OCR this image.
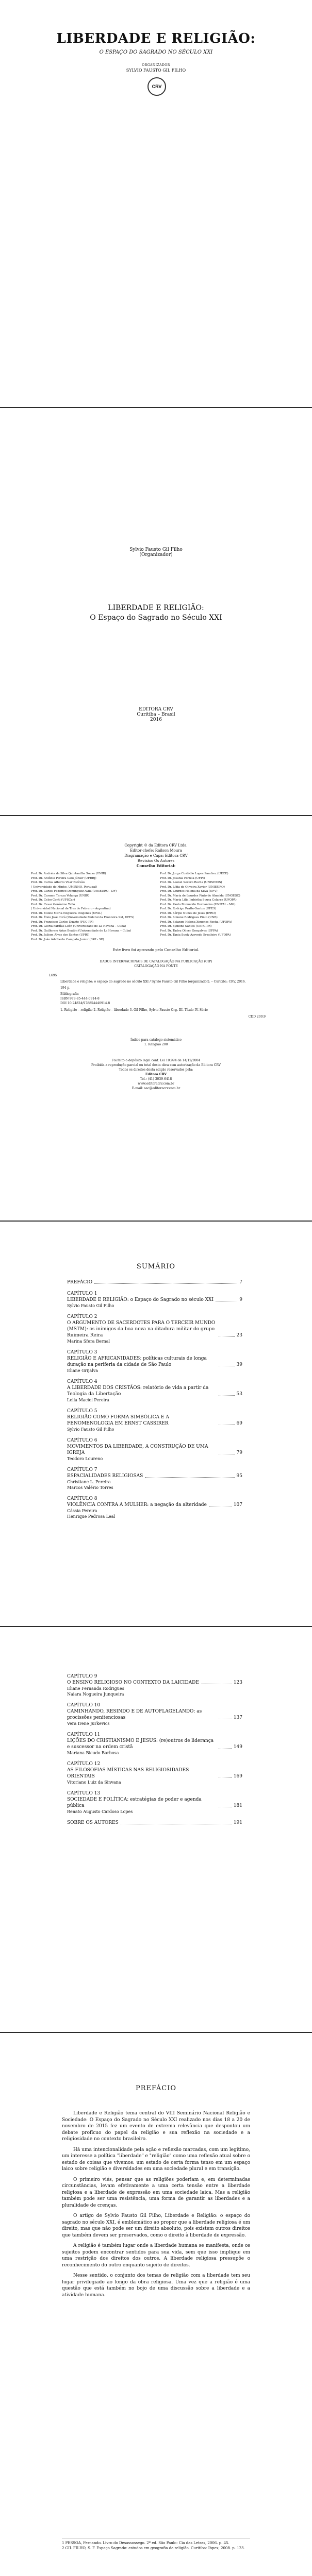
LIBERDADE E RELIGIÃO:
O ESPAÇO DO SAGRADO NO SÉCULO XXI
ORGANIZADOR
SYLVIO FAUSTO GIL FILHO
CRV
Sylvio Fausto Gil Filho
(Organizador)
LIBERDADE E RELIGIÃO:
O Espaço do Sagrado no Século XXI
EDITORA CRV
Curitiba – Brasil
2016
Copyright © da Editora CRV Ltda.
Editor-chefe: Railson Moura
Diagramação e Capa: Editora CRV
Revisão: Os Autores
Conselho Editorial:
Prof. Dr. Andréia da Silva Quintanilha Sousa (UNIR)
Prof. Dr. Antônio Pereira Gaio Júnior (UFRRJ)
Prof. Dr. Carlos Alberto Vilar Estêvão
( Universidade do Minho, UMINHO, Portugal)
Prof. Dr. Carlos Federico Dominguez Avila (UNIEURO - DF)
Prof. Dr. Carmen Tereza Velanga (UNIR)
Prof. Dr. Celso Conti (UFSCar)
Prof. Dr. Cesar Gerónimo Tello
( Universidad Nacional de Tres de Febrero - Argentina)
Prof. Dr. Elione Maria Nogueira Diogenes (UFAL)
Prof. Dr. Élsio José Corá (Universidade Federal da Fronteira Sul, UFFS)
Prof. Dr. Francisco Carlos Duarte (PUC-PR)
Prof. Dr. Gloria Fariñas León (Universidade de La Havana – Cuba)
Prof. Dr. Guillermo Arias Beatón (Universidade de La Havana – Cuba)
Prof. Dr. Jailson Alves dos Santos (UFRJ)
Prof. Dr. João Adalberto Campato Junior (FAP - SP)
Prof. Dr. Jorge Custódio Lopes Sanchez (UECE)
Prof. Dr. Josania Portela (UFPI)
Prof. Dr. Leonel Severo Rocha (UNISINOS)
Prof. Dr. Lídia de Oliveira Xavier (UNIEURO)
Prof. Dr. Lourdes Helena da Silva (UFV)
Prof. Dr. Maria de Lourdes Pinto de Almeida (UNOESC)
Prof. Dr. Maria Lília Imbiriba Sousa Colares (UFOPA)
Prof. Dr. Paulo Romualdo Hernandes (UNIFAL - MG)
Prof. Dr. Rodrigo Pratte-Santos (UFES)
Prof. Dr. Sérgio Nunes de Jesus (IFRO)
Prof. Dr. Simone Rodrigues Pinto (UNB)
Prof. Dr. Solange Helena Ximenes-Rocha (UFOPA)
Prof. Dr. Sydione Santos (UEPG PR)
Prof. Dr. Tadeu Oliver Gonçalves (UFPA)
Prof. Dr. Tania Suely Azevedo Brasileiro (UFOPA)
Este livro foi aprovado pelo Conselho Editorial.
DADOS INTERNACIONAIS DE CATALOGAÇÃO NA PUBLICAÇÃO (CIP)
CATALOGAÇÃO NA FONTE
L695
Liberdade e religião: o espaço do sagrado no século XXI / Sylvio Fausto Gil Filho (organizador). – Curitiba: CRV, 2016.
194 p.
Bibliografia
ISBN 978-85-444-0914-8
DOI 10.24824/978854440914.8
1. Religião – religião 2. Religião – liberdade 3. Gil Filho, Sylvio Fausto Org. III. Título IV. Série
CDD 200.9
Índice para catálogo sistemático
1. Religião 200
Foi feito o depósito legal conf. Lei 10.994 de 14/12/2004
Proibida a reprodução parcial ou total desta obra sem autorização da Editora CRV
Todos os direitos desta edição reservados pela:
Editora CRV
Tel.: (41) 3039-6418
www.editoracrv.com.br
E-mail: sac@editoracrv.com.br
SUMÁRIO
PREFÁCIO	7
CAPÍTULO 1
LIBERDADE E RELIGIÃO: o Espaço do Sagrado no século XXI	9
Sylvio Fausto Gil Filho
CAPÍTULO 2
O ARGUMENTO DE SACERDOTES PARA O TERCEIR MUNDO (MSTM): os inimigos da boa nova na ditadura militar do grupo Ruimeira Reira	23
Marina Sfera Bernal
CAPÍTULO 3
RELIGIÃO E AFRICANIDADES: políticas culturais de longa duração na periferia da cidade de São Paulo	39
Eliane Grijalva
CAPÍTULO 4
A LIBERDADE DOS CRISTÃOS: relatório de vida a partir da Teologia da Libertação	53
Leila Maciel Pereira
CAPÍTULO 5
RELIGIÃO COMO FORMA SIMBÓLICA E A FENOMENOLOGIA EM ERNST CASSIRER	69
Sylvio Fausto Gil Filho
CAPÍTULO 6
MOVIMENTOS DA LIBERDADE, A CONSTRUÇÃO DE UMA IGREJA	79
Teodoro Loureno
CAPÍTULO 7
ESPACIALIDADES RELIGIOSAS	95
Christiane L. Pereira
Marcos Valério Torres
CAPÍTULO 8
VIOLÊNCIA CONTRA A MULHER: a negação da alteridade	107
Cássia Pereira
Henrique Pedrosa Leal
CAPÍTULO 9
O ENSINO RELIGIOSO NO CONTEXTO DA LAICIDADE	123
Eliane Fernanda Rodrigues
Naiara Nogueira Junqueira
CAPÍTULO 10
CAMINHANDO, RESINDO E DE AUTOFLAGELANDO: as procissões penitenciosas	137
Vera Irene Jurkevics
CAPÍTULO 11
LIÇÕES DO CRISTIANISMO E JESUS: (re)outros de liderança e suscessor na ordem cristã	149
Mariana Bicudo Barbosa
CAPÍTULO 12
AS FILOSOFIAS MÍSTICAS NAS RELIGIOSIDADES ORIENTAIS	169
Vitoriano Luiz da Sinvana
CAPÍTULO 13
SOCIEDADE E POLÍTICA: estratégias de poder e agenda pública	181
Renato Augusto Cardoso Lopes
SOBRE OS AUTORES	191
PREFÁCIO

Liberdade e Religião tema central do VIII Seminário Nacional Religião e Sociedade: O Espaço do Sagrado no Século XXI realizado nos dias 18 a 20 de novembro de 2015 fez um evento de extrema relevância que despontou um debate profícuo do papel da religião e sua reflexão na sociedade e a religiosidade no contexto brasileiro.

Há uma intencionalidade pela ação e reflexão marcadas, com um legitimo, um interesse a política "liberdade" e "religião" como uma reflexão atual sobre o estado de coisas que vivemos: um estado de certa forma tenso em um espaço laico sobre religião e diversidades em uma sociedade plural e em transição.

O primeiro viés, pensar que as religiões poderiam e, em determinadas circunstâncias, levam efetivamente a uma certa tensão entre a liberdade religiosa e a liberdade de expressão em uma sociedade laica. Mas a religião também pode ser uma resistência, uma forma de garantir as liberdades e a pluralidade de crenças.

O artigo de Sylvio Fausto Gil Filho, Liberdade e Religião: o espaço do sagrado no século XXI, é emblemático ao propor que a liberdade religiosa é um direito, mas que não pode ser um direito absoluto, pois existem outros direitos que também devem ser preservados, como o direito à liberdade de expressão.

A religião é também lugar onde a liberdade humana se manifesta, onde os sujeitos podem encontrar sentidos para sua vida, sem que isso implique em uma restrição dos direitos dos outros. A liberdade religiosa pressupõe o reconhecimento do outro enquanto sujeito de direitos.

Nesse sentido, o conjunto dos temas de religião com a liberdade tem seu lugar privilegiado ao longo da obra religiosa. Uma vez que a religião é uma questão que está também no bojo de uma discussão sobre a liberdade e a atividade humana.

1 PESSOA, Fernando. Livro do Desassossego. 2ª ed. São Paulo: Cia das Letras, 2006. p. 45.

2 GIL FILHO, S. F. Espaço Sagrado: estudos em geografia da religião. Curitiba: Ibpex, 2008. p. 123.
